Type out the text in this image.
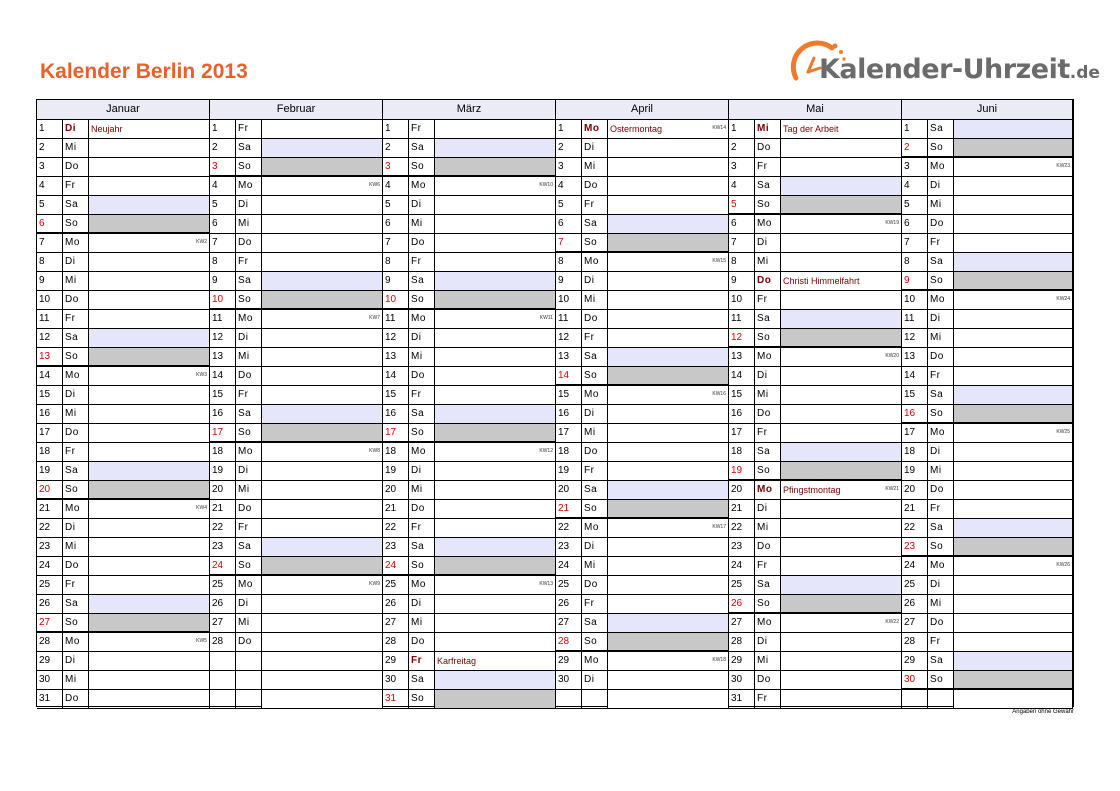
Kalender Berlin 2013	Kalender-Uhrzeit.de
Januar
1	Di	Neujahr
2	Mi
3	Do
4	Fr
5	Sa
6	So
7	Mo	KW2
8	Di
9	Mi
10	Do
11	Fr
12	Sa
13	So
14	Mo	KW3
15	Di
16	Mi
17	Do
18	Fr
19	Sa
20	So
21	Mo	KW4
22	Di
23	Mi
24	Do
25	Fr
26	Sa
27	So
28	Mo	KW5
29	Di
30	Mi
31	Do
Februar
1	Fr
2	Sa
3	So
4	Mo	KW6
5	Di
6	Mi
7	Do
8	Fr
9	Sa
10	So
11	Mo	KW7
12	Di
13	Mi
14	Do
15	Fr
16	Sa
17	So
18	Mo	KW8
19	Di
20	Mi
21	Do
22	Fr
23	Sa
24	So
25	Mo	KW9
26	Di
27	Mi
28	Do
März
1	Fr
2	Sa
3	So
4	Mo	KW10
5	Di
6	Mi
7	Do
8	Fr
9	Sa
10	So
11	Mo	KW11
12	Di
13	Mi
14	Do
15	Fr
16	Sa
17	So
18	Mo	KW12
19	Di
20	Mi
21	Do
22	Fr
23	Sa
24	So
25	Mo	KW13
26	Di
27	Mi
28	Do
29	Fr	Karfreitag
30	Sa
31	So
April
1	Mo	Ostermontag	KW14
2	Di
3	Mi
4	Do
5	Fr
6	Sa
7	So
8	Mo	KW15
9	Di
10	Mi
11	Do
12	Fr
13	Sa
14	So
15	Mo	KW16
16	Di
17	Mi
18	Do
19	Fr
20	Sa
21	So
22	Mo	KW17
23	Di
24	Mi
25	Do
26	Fr
27	Sa
28	So
29	Mo	KW18
30	Di
Mai
1	Mi	Tag der Arbeit
2	Do
3	Fr
4	Sa
5	So
6	Mo	KW19
7	Di
8	Mi
9	Do	Christi Himmelfahrt
10	Fr
11	Sa
12	So
13	Mo	KW20
14	Di
15	Mi
16	Do
17	Fr
18	Sa
19	So
20	Mo	Pfingstmontag	KW21
21	Di
22	Mi
23	Do
24	Fr
25	Sa
26	So
27	Mo	KW22
28	Di
29	Mi
30	Do
31	Fr
Juni
1	Sa
2	So
3	Mo	KW23
4	Di
5	Mi
6	Do
7	Fr
8	Sa
9	So
10	Mo	KW24
11	Di
12	Mi
13	Do
14	Fr
15	Sa
16	So
17	Mo	KW25
18	Di
19	Mi
20	Do
21	Fr
22	Sa
23	So
24	Mo	KW26
25	Di
26	Mi
27	Do
28	Fr
29	Sa
30	So
Angaben ohne Gewähr
